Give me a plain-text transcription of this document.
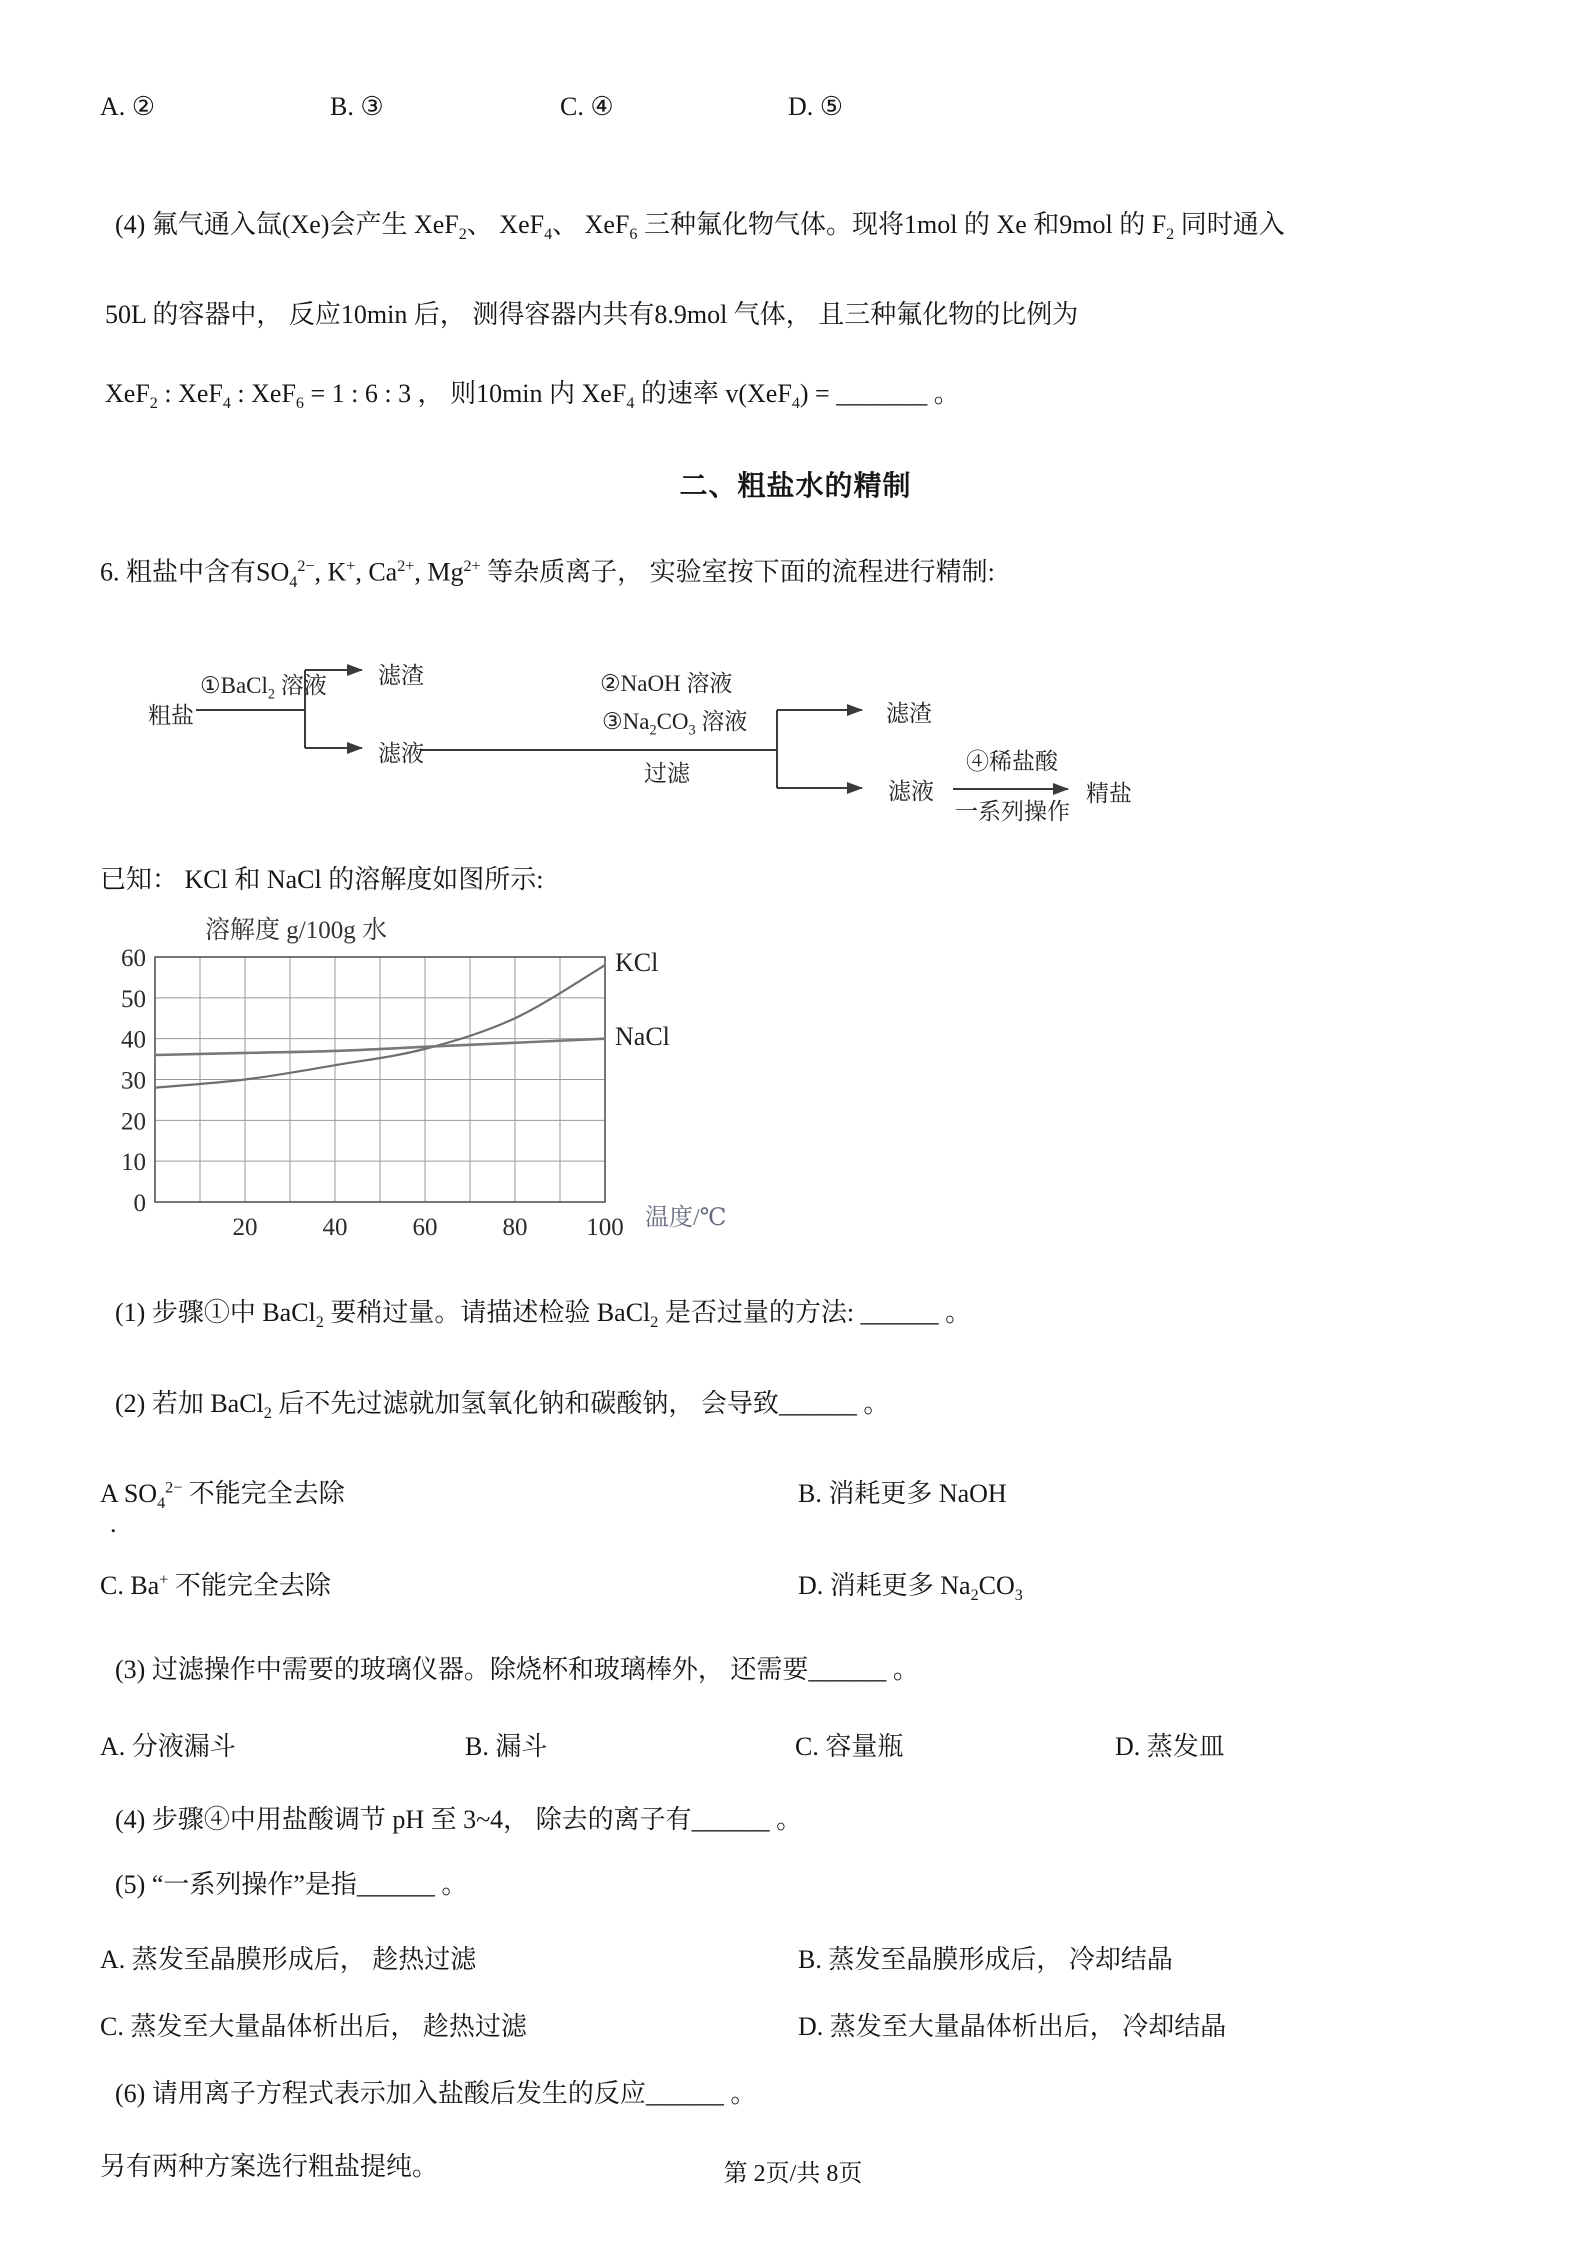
A. ②	B. ③	C. ④	D. ⑤

(4) 氟气通入氙(Xe)会产生 XeF$_2$、 XeF$_4$、 XeF$_6$ 三种氟化物气体。现将1mol 的 Xe 和9mol 的 $F_2$ 同时通入

50L 的容器中， 反应10min 后， 测得容器内共有8.9mol 气体， 且三种氟化物的比例为

XeF$_2$ : XeF$_4$ : XeF$_6$ = 1 : 6 : 3 ， 则10min 内 XeF$_4$ 的速率 v(XeF$_4$) = _______ 。

二、粗盐水的精制

6. 粗盐中含有$SO_4^{2-}$, K+, $Ca^{2+}$, $Mg^{2+}$ 等杂质离子， 实验室按下面的流程进行精制:

粗盐
①BaCl$_2$ 溶液 滤渣
滤液
②NaOH 溶液
$③Na_2CO_3$ 溶液
过滤
滤渣
滤液
④稀盐酸
一系列操作
精盐

已知： KCl 和 NaCl 的溶解度如图所示:

0
10
20
30
40
50
60
20	40	60	80 100
溶解度 g/100g 水
KCl
NaCl
温度/℃

(1) 步骤①中 BaCl$_2$ 要稍过量。请描述检验 BaCl$_2$ 是否过量的方法: ______ 。

(2) 若加 BaCl$_2$ 后不先过滤就加氢氧化钠和碳酸钠， 会导致______ 。

A $SO_4^{2-}$ 不能完全去除	B. 消耗更多 NaOH
.
C. Ba+ 不能完全去除	D. 消耗更多 $Na_2CO_3$

(3) 过滤操作中需要的玻璃仪器。除烧杯和玻璃棒外， 还需要______ 。

A. 分液漏斗	B. 漏斗	C. 容量瓶	D. 蒸发皿

(4) 步骤④中用盐酸调节 pH 至 3~4， 除去的离子有______ 。

(5) “一系列操作”是指______ 。

A. 蒸发至晶膜形成后， 趁热过滤	B. 蒸发至晶膜形成后， 冷却结晶
C. 蒸发至大量晶体析出后， 趁热过滤	D. 蒸发至大量晶体析出后， 冷却结晶

(6) 请用离子方程式表示加入盐酸后发生的反应______ 。

另有两种方案选行粗盐提纯。	第 2页/共 8页
